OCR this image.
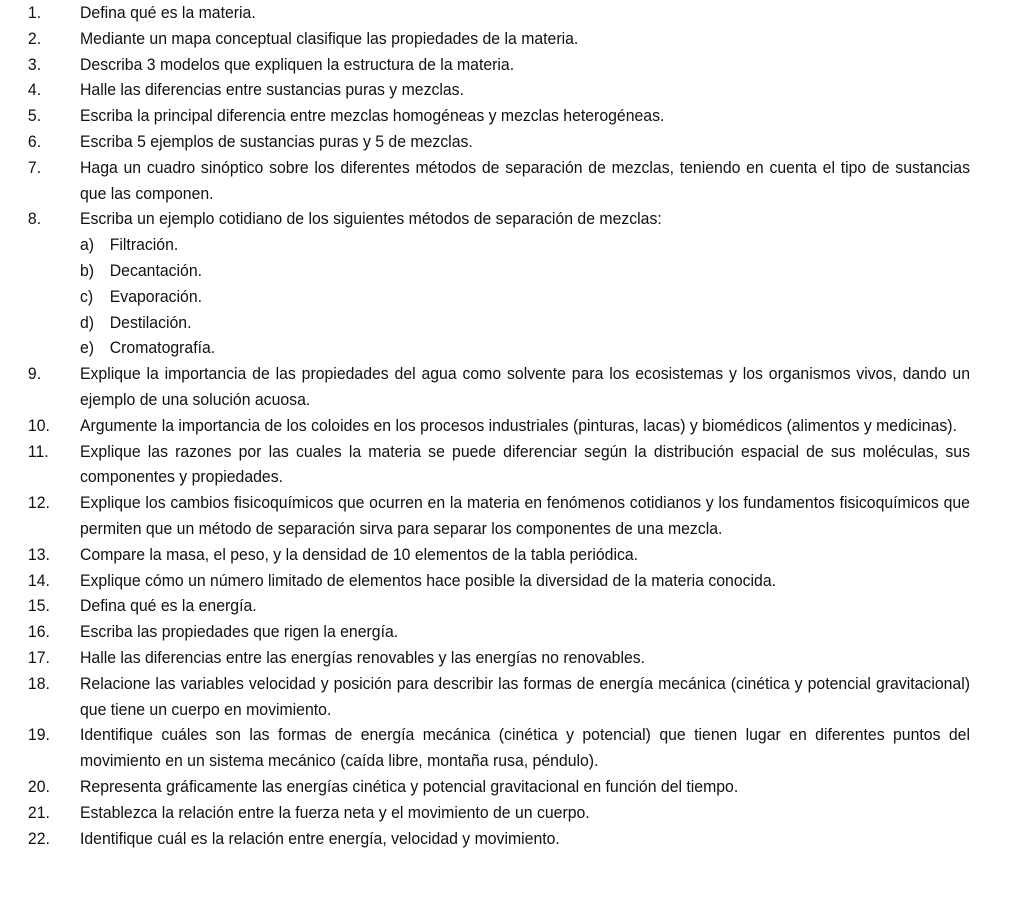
1.	Defina qué es la materia.

2.	Mediante un mapa conceptual clasifique las propiedades de la materia.

3.	Describa 3 modelos que expliquen la estructura de la materia.

4.	Halle las diferencias entre sustancias puras y mezclas.

5.	Escriba la principal diferencia entre mezclas homogéneas y mezclas heterogéneas.

6.	Escriba 5 ejemplos de sustancias puras y 5 de mezclas.

7.	Haga un cuadro sinóptico sobre los diferentes métodos de separación de mezclas, teniendo en cuenta el tipo de sustancias que las componen.

8.	Escriba un ejemplo cotidiano de los siguientes métodos de separación de mezclas:

a) Filtración.

b) Decantación.

c) Evaporación.

d) Destilación.

e) Cromatografía.

9.	Explique la importancia de las propiedades del agua como solvente para los ecosistemas y los organismos vivos, dando un ejemplo de una solución acuosa.

10.	Argumente la importancia de los coloides en los procesos industriales (pinturas, lacas) y biomédicos (alimentos y medicinas).

11.	Explique las razones por las cuales la materia se puede diferenciar según la distribución espacial de sus moléculas, sus componentes y propiedades.

12.	Explique los cambios fisicoquímicos que ocurren en la materia en fenómenos cotidianos y los fundamentos fisicoquímicos que permiten que un método de separación sirva para separar los componentes de una mezcla.

13.	Compare la masa, el peso, y la densidad de 10 elementos de la tabla periódica.

14.	Explique cómo un número limitado de elementos hace posible la diversidad de la materia conocida.

15.	Defina qué es la energía.

16.	Escriba las propiedades que rigen la energía.

17.	Halle las diferencias entre las energías renovables y las energías no renovables.

18.	Relacione las variables velocidad y posición para describir las formas de energía mecánica (cinética y potencial gravitacional) que tiene un cuerpo en movimiento.

19.	Identifique cuáles son las formas de energía mecánica (cinética y potencial) que tienen lugar en diferentes puntos del movimiento en un sistema mecánico (caída libre, montaña rusa, péndulo).

20.	Representa gráficamente las energías cinética y potencial gravitacional en función del tiempo.

21.	Establezca la relación entre la fuerza neta y el movimiento de un cuerpo.

22.	Identifique cuál es la relación entre energía, velocidad y movimiento.
